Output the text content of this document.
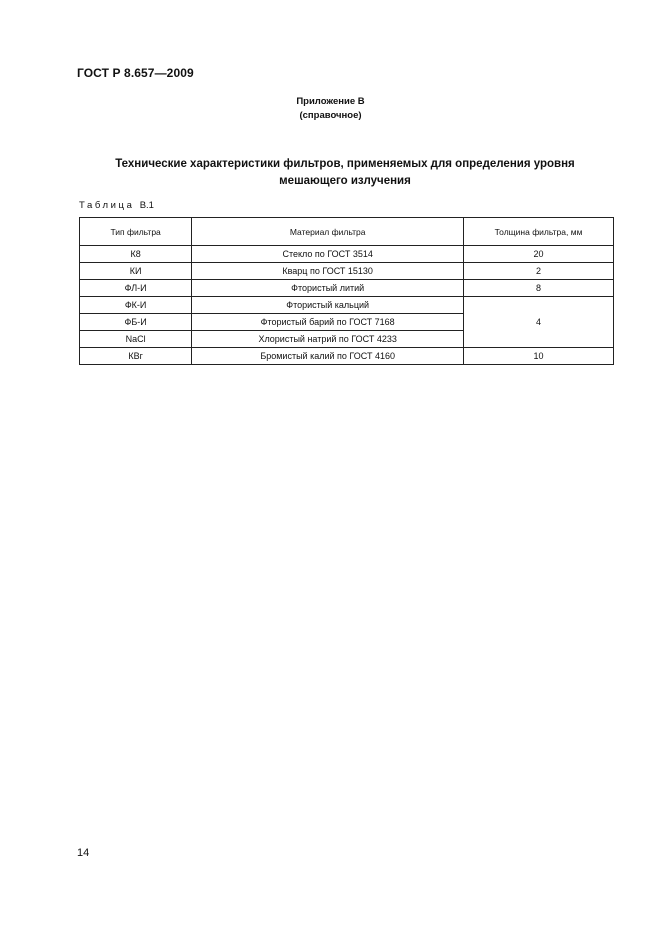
ГОСТ Р 8.657—2009
Приложение В
(справочное)
Технические характеристики фильтров, применяемых для определения уровня мешающего излучения
Таблица В.1
Тип фильтра	Материал фильтра	Толщина фильтра, мм
К8	Стекло по ГОСТ 3514	20
КИ	Кварц по ГОСТ 15130	2
ФЛ-И	Фтористый литий	8
ФК-И	Фтористый кальций	4
ФБ-И	Фтористый барий по ГОСТ 7168	
NaCl	Хлористый натрий по ГОСТ 4233	
КВг	Бромистый калий по ГОСТ 4160	10
14
